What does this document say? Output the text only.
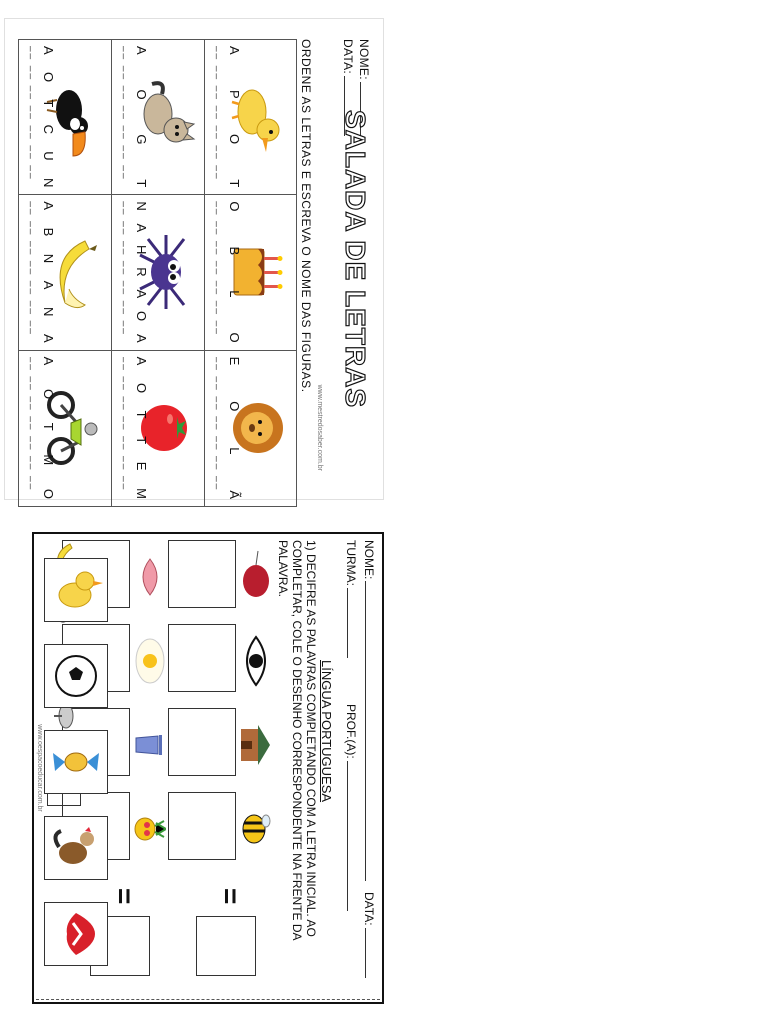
NOME:
DATA:
SALADA DE LETRAS
www.mestredosaber.com.br
ORDENE AS LETRAS E ESCREVA O NOME DAS FIGURAS.
A
P
O
T
__ __ __ __ __ __ __
O
B
L
O
__ __ __ __ __ __ __
E
O
L
Ã
__ __ __ __ __ __ __
A
O
G
T
__ __ __ __ __ __ __
N
A
H
R
A
O
A
__ __ __ __ __ __ __
A
O
T
T
E
M
__ __ __ __ __ __ __
A
O
T
C
U
N
__ __ __ __ __ __ __
A
B
N
A
N
A
__ __ __ __ __ __ __
A
O
T
M
O
__ __ __ __ __ __ __
NOME:
DATA:
TURMA:
PROF.(A):
LÍNGUA PORTUGUESA
1) DECIFRE AS PALAVRAS COMPLETANDO COM A LETRA INICIAL. AO COMPLETAR, COLE O DESENHO CORRESPONDENTE NA FRENTE DA PALAVRA.
=
=
www.oespacoeducar.com.br
